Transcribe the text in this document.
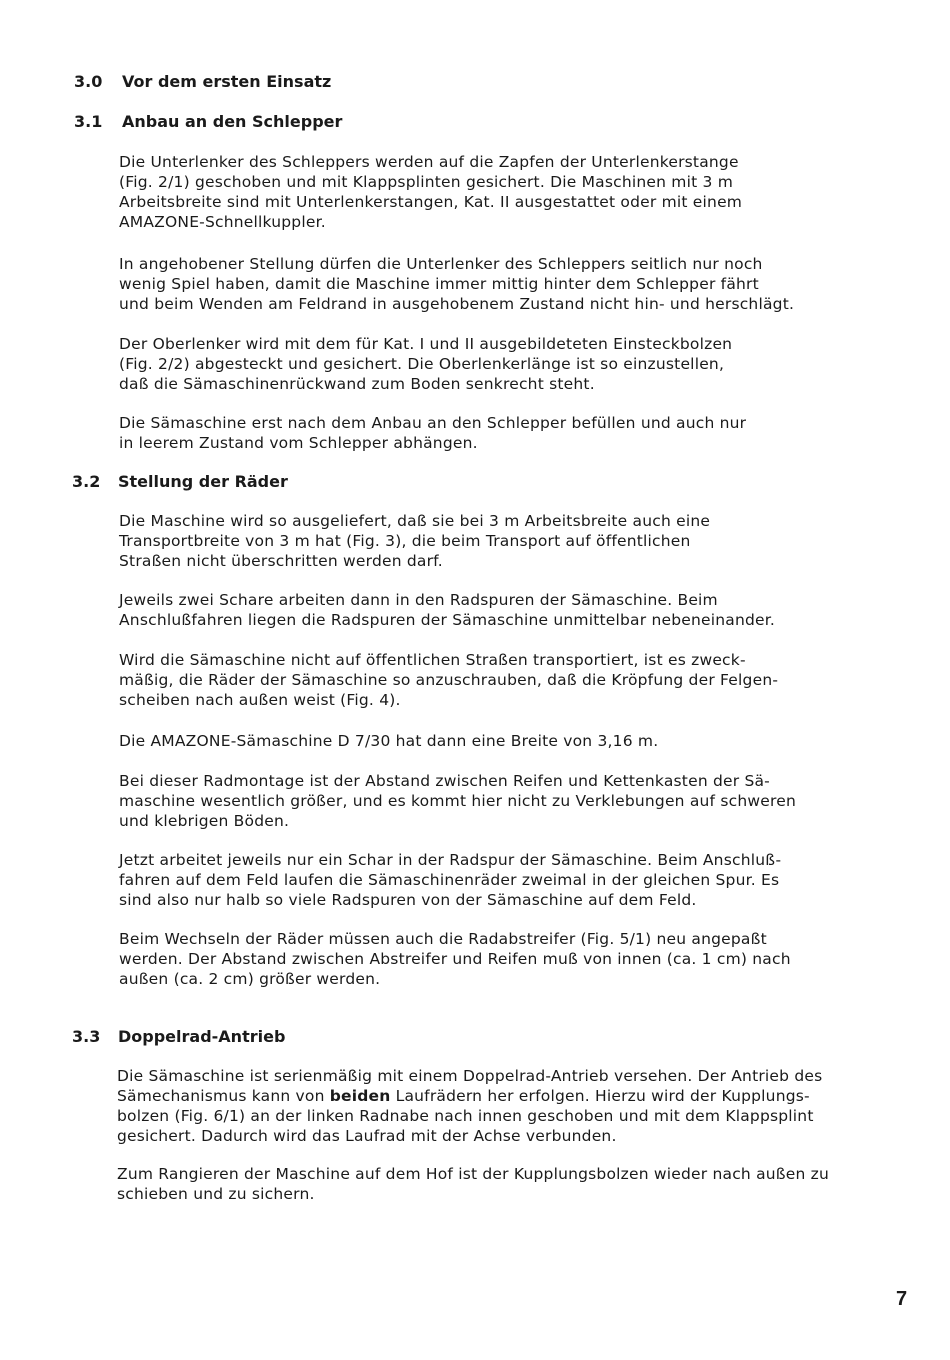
3.0 Vor dem ersten Einsatz
3.1 Anbau an den Schlepper
Die Unterlenker des Schleppers werden auf die Zapfen der Unterlenkerstange
(Fig. 2/1) geschoben und mit Klappsplinten gesichert. Die Maschinen mit 3 m
Arbeitsbreite sind mit Unterlenkerstangen, Kat. II ausgestattet oder mit einem
AMAZONE-Schnellkuppler.
In angehobener Stellung dürfen die Unterlenker des Schleppers seitlich nur noch
wenig Spiel haben, damit die Maschine immer mittig hinter dem Schlepper fährt
und beim Wenden am Feldrand in ausgehobenem Zustand nicht hin- und herschlägt.
Der Oberlenker wird mit dem für Kat. I und II ausgebildeteten Einsteckbolzen
(Fig. 2/2) abgesteckt und gesichert. Die Oberlenkerlänge ist so einzustellen,
daß die Sämaschinenrückwand zum Boden senkrecht steht.
Die Sämaschine erst nach dem Anbau an den Schlepper befüllen und auch nur
in leerem Zustand vom Schlepper abhängen.
3.2 Stellung der Räder
Die Maschine wird so ausgeliefert, daß sie bei 3 m Arbeitsbreite auch eine
Transportbreite von 3 m hat (Fig. 3), die beim Transport auf öffentlichen
Straßen nicht überschritten werden darf.
Jeweils zwei Schare arbeiten dann in den Radspuren der Sämaschine. Beim
Anschlußfahren liegen die Radspuren der Sämaschine unmittelbar nebeneinander.
Wird die Sämaschine nicht auf öffentlichen Straßen transportiert, ist es zweck-
mäßig, die Räder der Sämaschine so anzuschrauben, daß die Kröpfung der Felgen-
scheiben nach außen weist (Fig. 4).
Die AMAZONE-Sämaschine D 7/30 hat dann eine Breite von 3,16 m.
Bei dieser Radmontage ist der Abstand zwischen Reifen und Kettenkasten der Sä-
maschine wesentlich größer, und es kommt hier nicht zu Verklebungen auf schweren
und klebrigen Böden.
Jetzt arbeitet jeweils nur ein Schar in der Radspur der Sämaschine. Beim Anschluß-
fahren auf dem Feld laufen die Sämaschinenräder zweimal in der gleichen Spur. Es
sind also nur halb so viele Radspuren von der Sämaschine auf dem Feld.
Beim Wechseln der Räder müssen auch die Radabstreifer (Fig. 5/1) neu angepaßt
werden. Der Abstand zwischen Abstreifer und Reifen muß von innen (ca. 1 cm) nach
außen (ca. 2 cm) größer werden.
3.3 Doppelrad-Antrieb
Die Sämaschine ist serienmäßig mit einem Doppelrad-Antrieb versehen. Der Antrieb des
Sämechanismus kann von beiden Laufrädern her erfolgen. Hierzu wird der Kupplungs-
bolzen (Fig. 6/1) an der linken Radnabe nach innen geschoben und mit dem Klappsplint
gesichert. Dadurch wird das Laufrad mit der Achse verbunden.
Zum Rangieren der Maschine auf dem Hof ist der Kupplungsbolzen wieder nach außen zu
schieben und zu sichern.
7
